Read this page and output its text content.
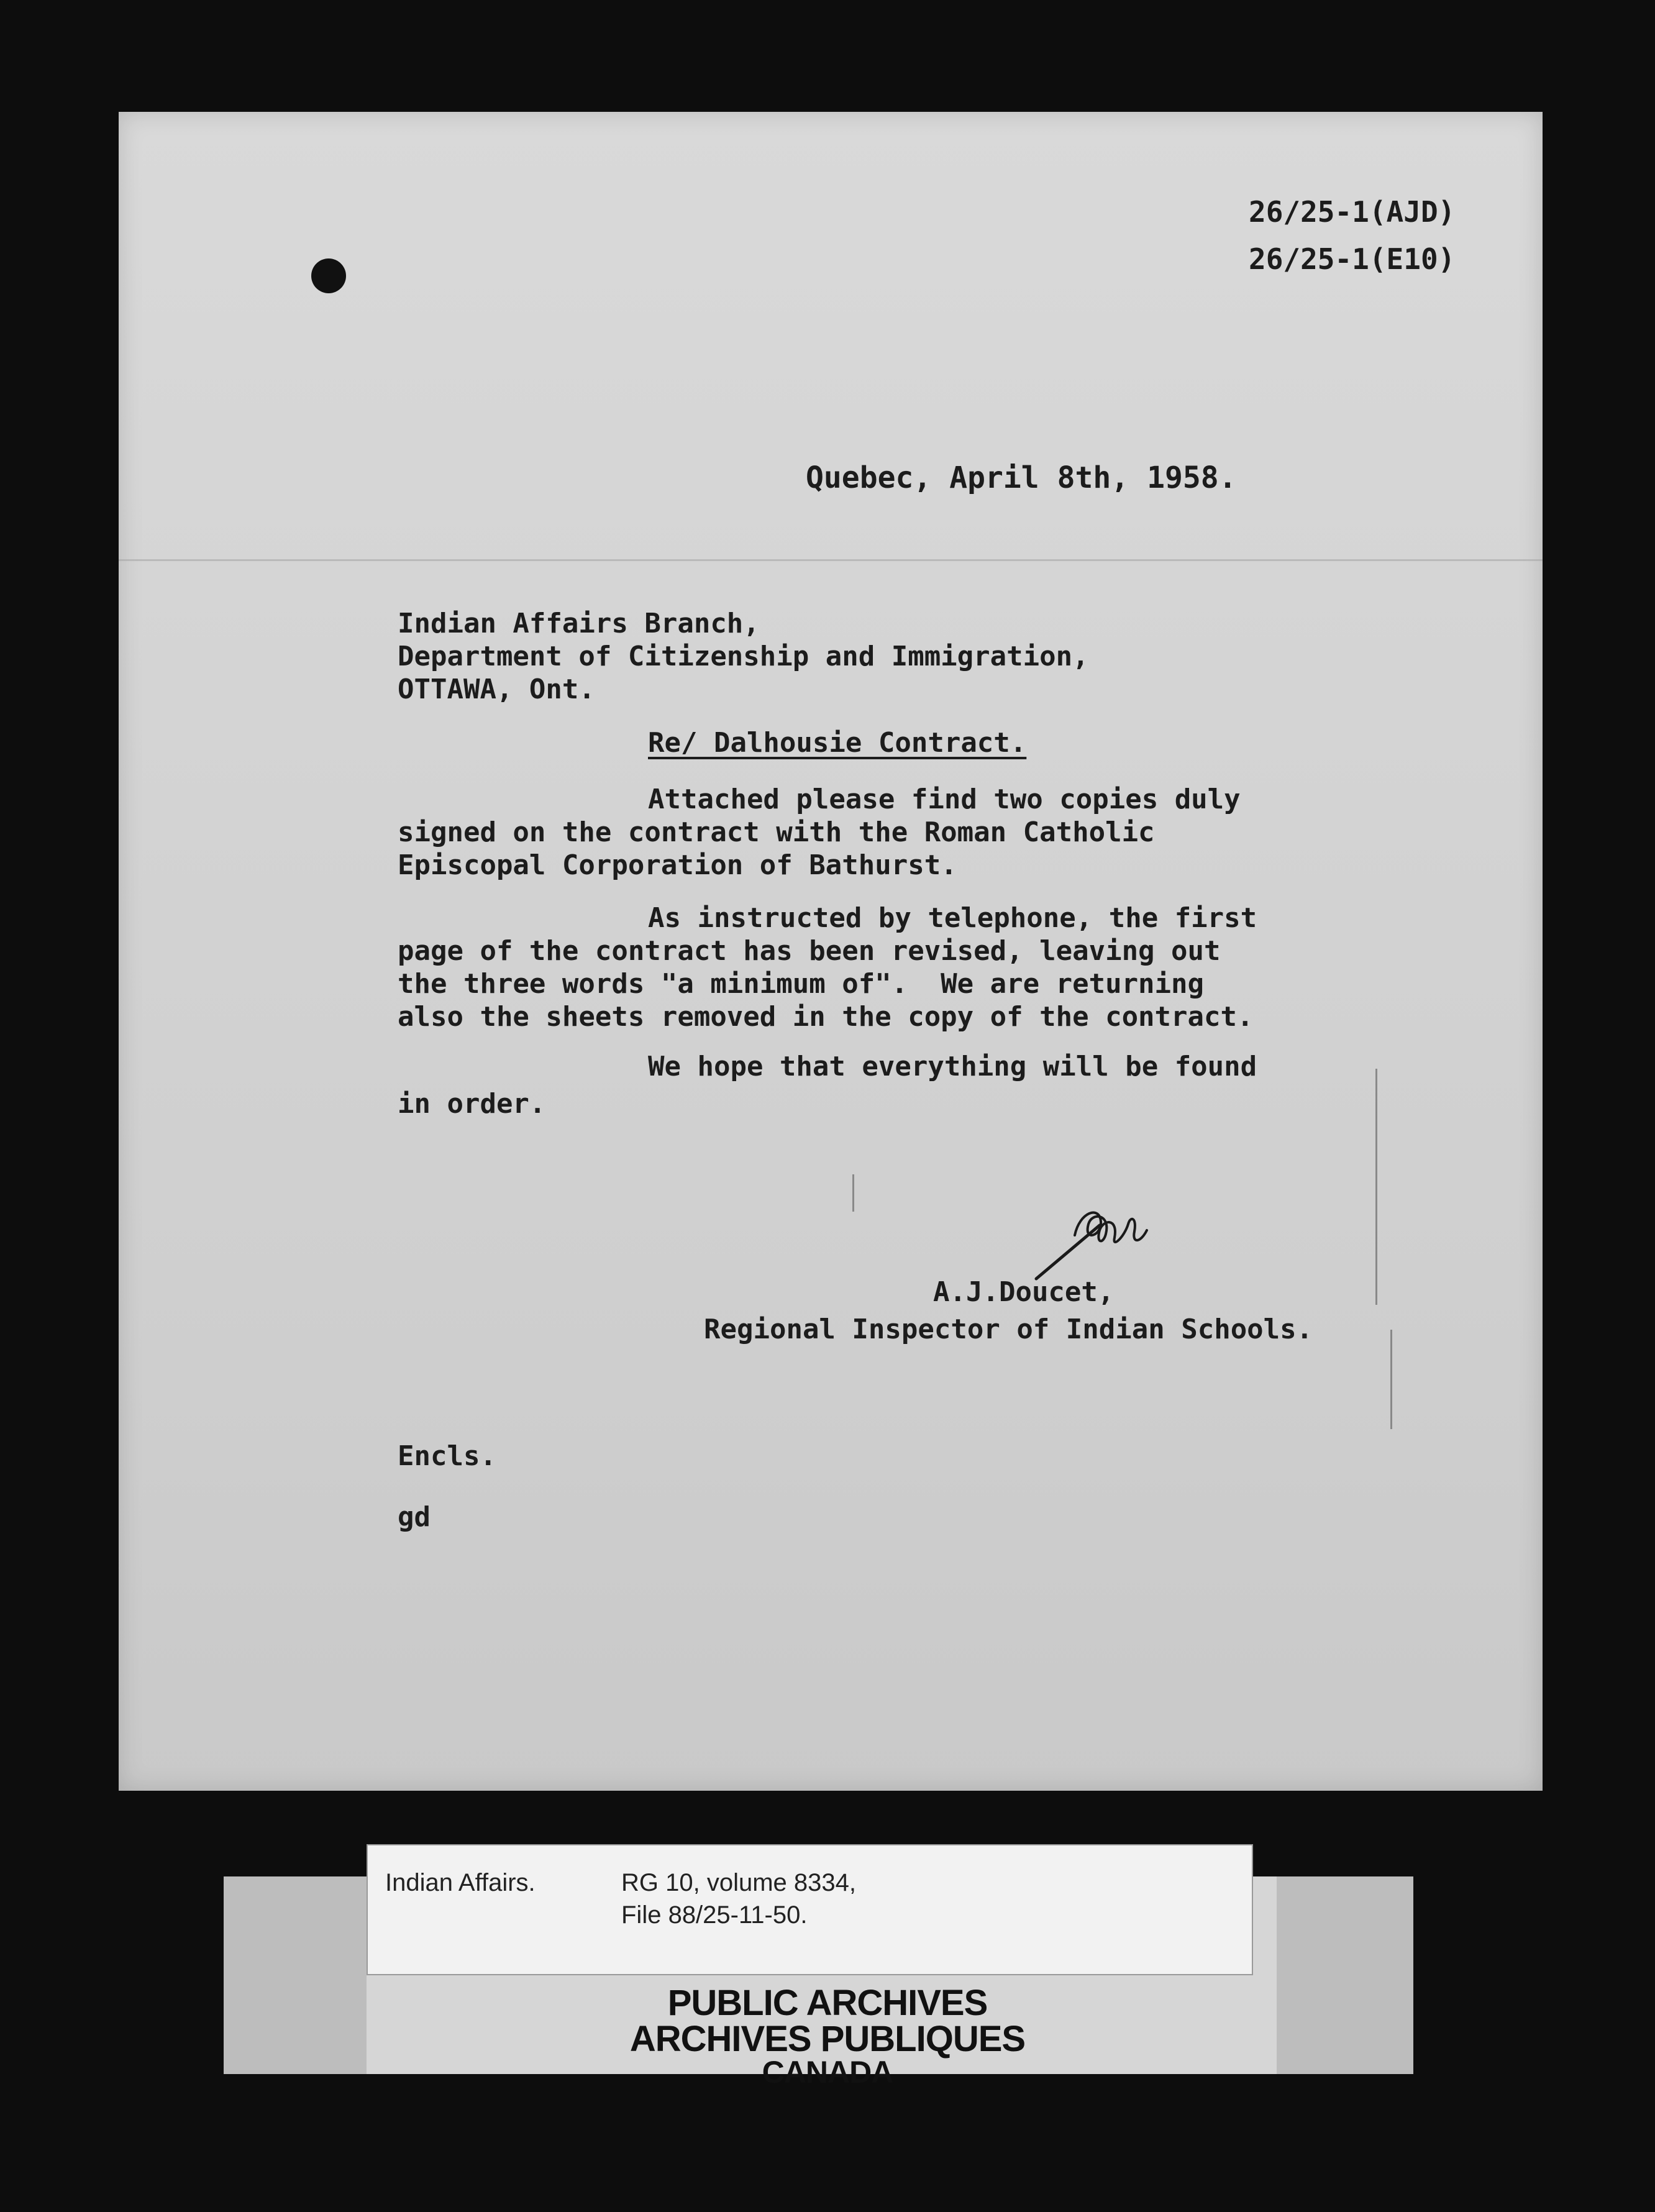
26/25-1(AJD)
26/25-1(E10)
Quebec, April 8th, 1958.
Indian Affairs Branch,
Department of Citizenship and Immigration,
OTTAWA, Ont.
Re/ Dalhousie Contract.
Attached please find two copies duly
signed on the contract with the Roman Catholic
Episcopal Corporation of Bathurst.
As instructed by telephone, the first
page of the contract has been revised, leaving out
the three words "a minimum of".  We are returning
also the sheets removed in the copy of the contract.
We hope that everything will be found
in order.
A.J.Doucet,
Regional Inspector of Indian Schools.
Encls.
gd
Indian Affairs.	RG 10, volume 8334,
File 88/25-11-50.
PUBLIC ARCHIVES
ARCHIVES PUBLIQUES
CANADA
